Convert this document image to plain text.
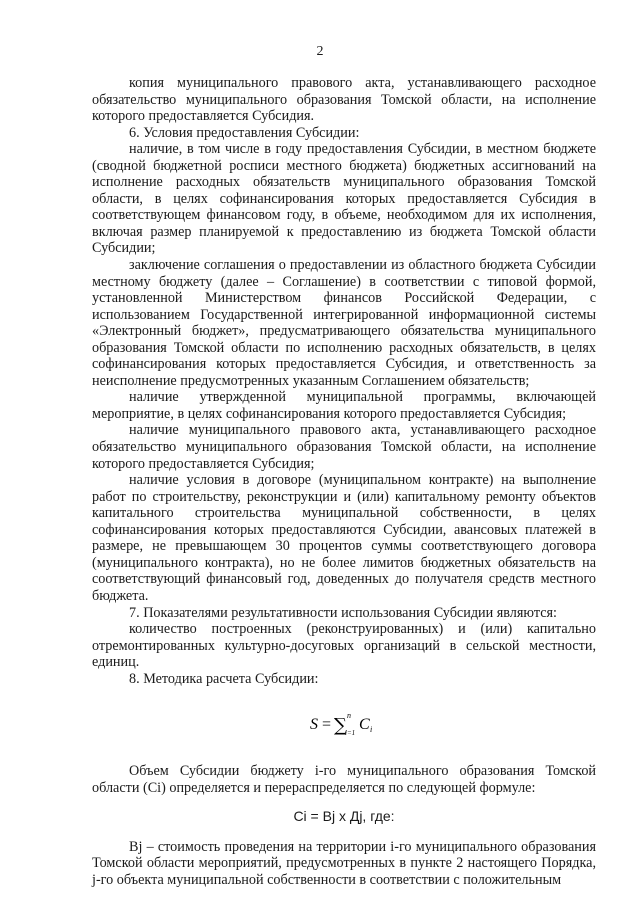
2

копия муниципального правового акта, устанавливающего расходное обязательство муниципального образования Томской области, на исполнение которого предоставляется Субсидия.

6. Условия предоставления Субсидии:

наличие, в том числе в году предоставления Субсидии, в местном бюджете (сводной бюджетной росписи местного бюджета) бюджетных ассигнований на исполнение расходных обязательств муниципального образования Томской области, в целях софинансирования которых предоставляется Субсидия в соответствующем финансовом году, в объеме, необходимом для их исполнения, включая размер планируемой к предоставлению из бюджета Томской области Субсидии;

заключение соглашения о предоставлении из областного бюджета Субсидии местному бюджету (далее – Соглашение) в соответствии с типовой формой, установленной Министерством финансов Российской Федерации, с использованием Государственной интегрированной информационной системы «Электронный бюджет», предусматривающего обязательства муниципального образования Томской области по исполнению расходных обязательств, в целях софинансирования которых предоставляется Субсидия, и ответственность за неисполнение предусмотренных указанным Соглашением обязательств;

наличие утвержденной муниципальной программы, включающей мероприятие, в целях софинансирования которого предоставляется Субсидия;

наличие муниципального правового акта, устанавливающего расходное обязательство муниципального образования Томской области, на исполнение которого предоставляется Субсидия;

наличие условия в договоре (муниципальном контракте) на выполнение работ по строительству, реконструкции и (или) капитальному ремонту объектов капитального строительства муниципальной собственности, в целях софинансирования которых предоставляются Субсидии, авансовых платежей в размере, не превышающем 30 процентов суммы соответствующего договора (муниципального контракта), но не более лимитов бюджетных обязательств на соответствующий финансовый год, доведенных до получателя средств местного бюджета.

7. Показателями результативности использования Субсидии являются:

количество построенных (реконструированных) и (или) капитально отремонтированных культурно-досуговых организаций в сельской местности, единиц.

8. Методика расчета Субсидии:

S = ∑ n
i=1 C i

Объем Субсидии бюджету i-го муниципального образования Томской области (Ci) определяется и перераспределяется по следующей формуле:

Ci = Bj х Дj, где:

Bj – стоимость проведения на территории i-го муниципального образования Томской области мероприятий, предусмотренных в пункте 2 настоящего Порядка, j-го объекта муниципальной собственности в соответствии с положительным
